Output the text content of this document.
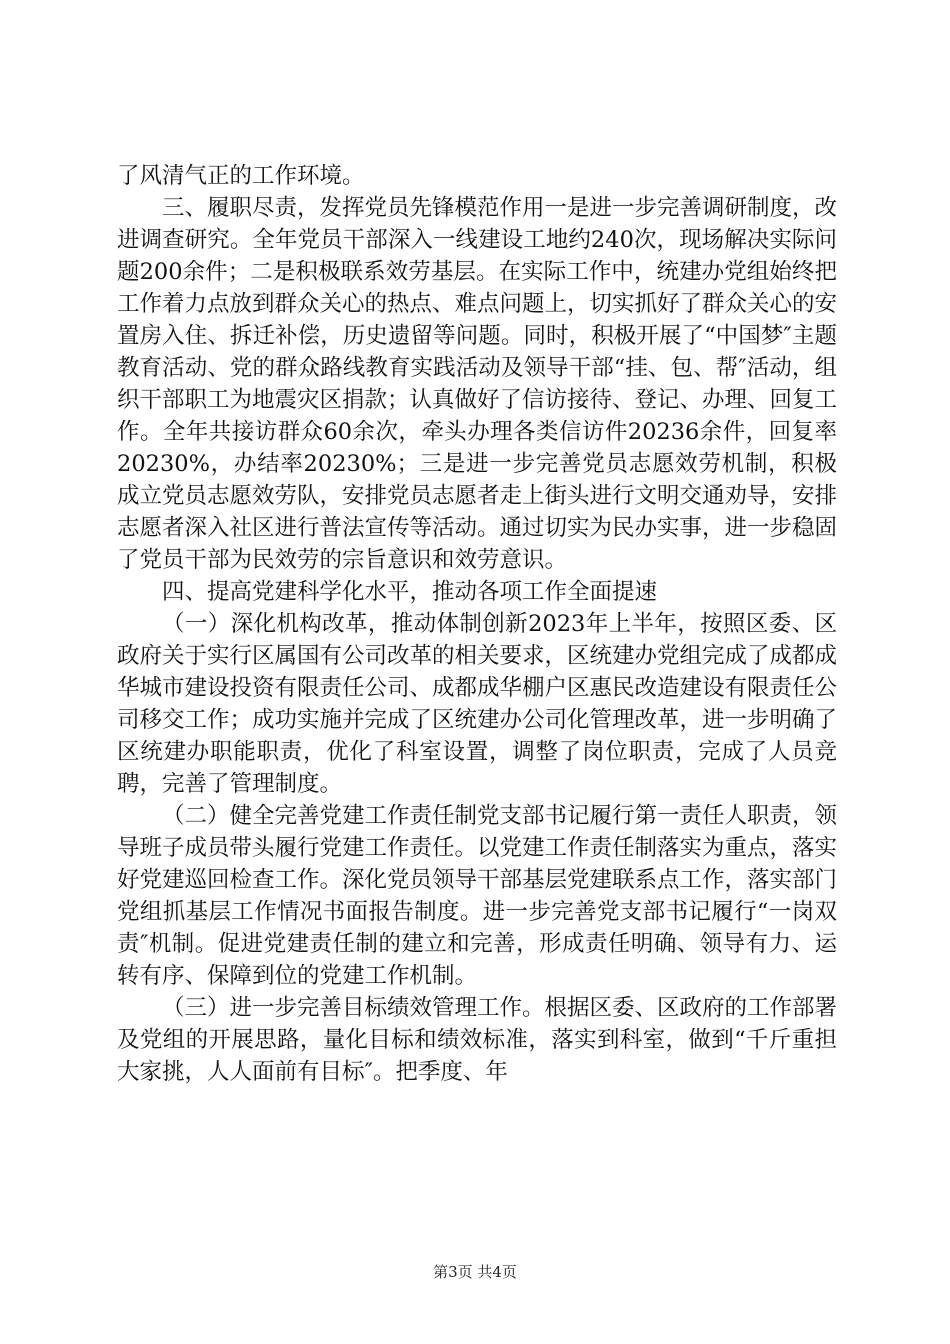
了风清气正的工作环境。

三、履职尽责，发挥党员先锋模范作用一是进一步完善调研制度，改进调查研究。全年党员干部深入一线建设工地约240次，现场解决实际问题200余件；二是积极联系效劳基层。在实际工作中，统建办党组始终把工作着力点放到群众关心的热点、难点问题上，切实抓好了群众关心的安置房入住、拆迁补偿，历史遗留等问题。同时，积极开展了“中国梦″主题教育活动、党的群众路线教育实践活动及领导干部“挂、包、帮″活动，组织干部职工为地震灾区捐款；认真做好了信访接待、登记、办理、回复工作。全年共接访群众60余次，牵头办理各类信访件20236余件，回复率20230%，办结率20230%；三是进一步完善党员志愿效劳机制，积极成立党员志愿效劳队，安排党员志愿者走上街头进行文明交通劝导，安排志愿者深入社区进行普法宣传等活动。通过切实为民办实事，进一步稳固了党员干部为民效劳的宗旨意识和效劳意识。

四、提高党建科学化水平，推动各项工作全面提速

（一）深化机构改革，推动体制创新2023年上半年，按照区委、区政府关于实行区属国有公司改革的相关要求，区统建办党组完成了成都成华城市建设投资有限责任公司、成都成华棚户区惠民改造建设有限责任公司移交工作；成功实施并完成了区统建办公司化管理改革，进一步明确了区统建办职能职责，优化了科室设置，调整了岗位职责，完成了人员竞聘，完善了管理制度。

（二）健全完善党建工作责任制党支部书记履行第一责任人职责，领导班子成员带头履行党建工作责任。以党建工作责任制落实为重点，落实好党建巡回检查工作。深化党员领导干部基层党建联系点工作，落实部门党组抓基层工作情况书面报告制度。进一步完善党支部书记履行“一岗双责″机制。促进党建责任制的建立和完善，形成责任明确、领导有力、运转有序、保障到位的党建工作机制。

（三）进一步完善目标绩效管理工作。根据区委、区政府的工作部署及党组的开展思路，量化目标和绩效标准，落实到科室，做到“千斤重担大家挑，人人面前有目标″。把季度、年

第3页 共4页
